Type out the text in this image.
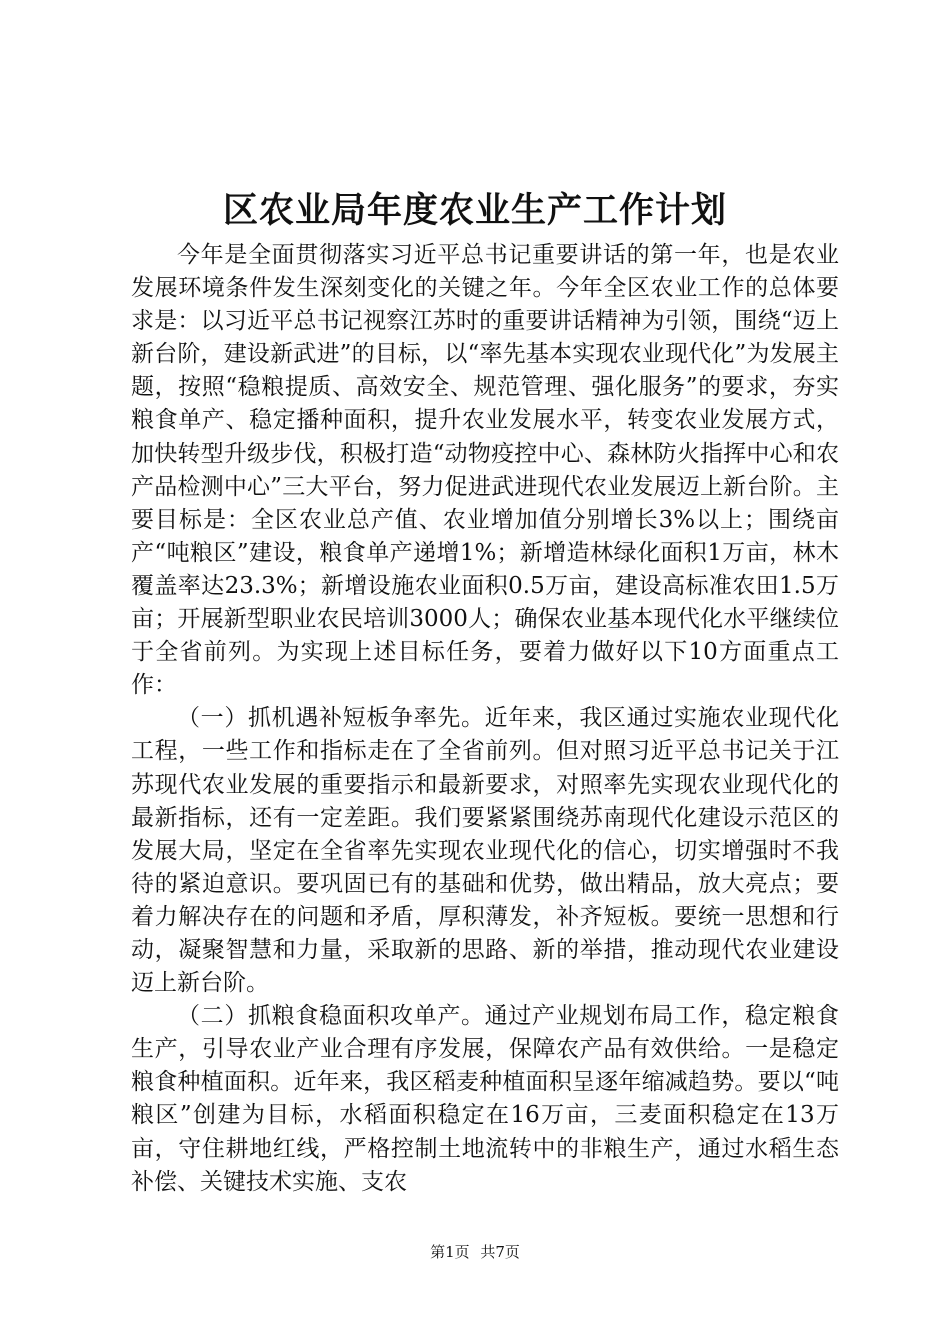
区农业局年度农业生产工作计划

今年是全面贯彻落实习近平总书记重要讲话的第一年，也是农业发展环境条件发生深刻变化的关键之年。今年全区农业工作的总体要求是：以习近平总书记视察江苏时的重要讲话精神为引领，围绕“迈上新台阶，建设新武进”的目标，以“率先基本实现农业现代化”为发展主题，按照“稳粮提质、高效安全、规范管理、强化服务”的要求，夯实粮食单产、稳定播种面积，提升农业发展水平，转变农业发展方式，加快转型升级步伐，积极打造“动物疫控中心、森林防火指挥中心和农产品检测中心”三大平台，努力促进武进现代农业发展迈上新台阶。主要目标是：全区农业总产值、农业增加值分别增长3%以上；围绕亩产“吨粮区”建设，粮食单产递增1%；新增造林绿化面积1万亩，林木覆盖率达23.3%；新增设施农业面积0.5万亩，建设高标准农田1.5万亩；开展新型职业农民培训3000人；确保农业基本现代化水平继续位于全省前列。为实现上述目标任务，要着力做好以下10方面重点工作：

（一）抓机遇补短板争率先。近年来，我区通过实施农业现代化工程，一些工作和指标走在了全省前列。但对照习近平总书记关于江苏现代农业发展的重要指示和最新要求，对照率先实现农业现代化的最新指标，还有一定差距。我们要紧紧围绕苏南现代化建设示范区的发展大局，坚定在全省率先实现农业现代化的信心，切实增强时不我待的紧迫意识。要巩固已有的基础和优势，做出精品，放大亮点；要着力解决存在的问题和矛盾，厚积薄发，补齐短板。要统一思想和行动，凝聚智慧和力量，采取新的思路、新的举措，推动现代农业建设迈上新台阶。

（二）抓粮食稳面积攻单产。通过产业规划布局工作，稳定粮食生产，引导农业产业合理有序发展，保障农产品有效供给。一是稳定粮食种植面积。近年来，我区稻麦种植面积呈逐年缩减趋势。要以“吨粮区”创建为目标，水稻面积稳定在16万亩，三麦面积稳定在13万亩，守住耕地红线，严格控制土地流转中的非粮生产，通过水稻生态补偿、关键技术实施、支农

第1页 共7页
